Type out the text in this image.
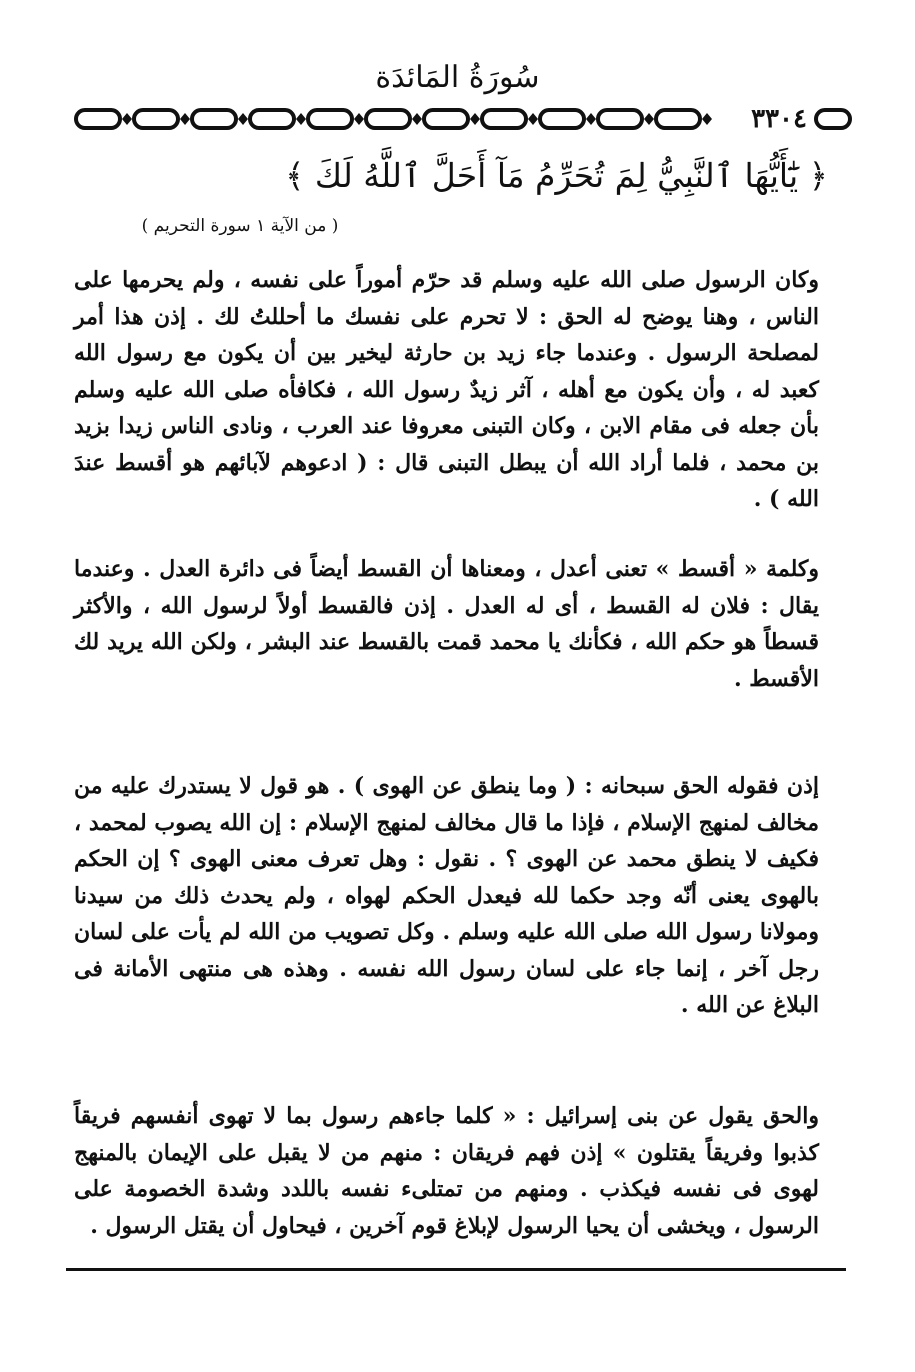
سُورَةُ المَائدَة
٣٣٠٤
﴿ يَٰٓأَيُّهَا ٱلنَّبِيُّ لِمَ تُحَرِّمُ مَآ أَحَلَّ ٱللَّهُ لَكَ ﴾
( من الآية ١ سورة التحريم )
وكان الرسول صلى الله عليه وسلم قد حرّم أموراً على نفسه ، ولم يحرمها على الناس ، وهنا يوضح له الحق : لا تحرم على نفسك ما أحللتُ لك . إذن هذا أمر لمصلحة الرسول . وعندما جاء زيد بن حارثة ليخير بين أن يكون مع رسول الله كعبد له ، وأن يكون مع أهله ، آثر زيدٌ رسول الله ، فكافأه صلى الله عليه وسلم بأن جعله فى مقام الابن ، وكان التبنى معروفا عند العرب ، ونادى الناس زيدا بزيد بن محمد ، فلما أراد الله أن يبطل التبنى قال : ( ادعوهم لآبائهم هو أقسط عندَ الله ) .
وكلمة « أقسط » تعنى أعدل ، ومعناها أن القسط أيضاً فى دائرة العدل . وعندما يقال : فلان له القسط ، أى له العدل . إذن فالقسط أولاً لرسول الله ، والأكثر قسطاً هو حكم الله ، فكأنك يا محمد قمت بالقسط عند البشر ، ولكن الله يريد لك الأقسط .
إذن فقوله الحق سبحانه : ( وما ينطق عن الهوى ) . هو قول لا يستدرك عليه من مخالف لمنهج الإسلام ، فإذا ما قال مخالف لمنهج الإسلام : إن الله يصوب لمحمد ، فكيف لا ينطق محمد عن الهوى ؟ . نقول : وهل تعرف معنى الهوى ؟ إن الحكم بالهوى يعنى أنّه وجد حكما لله فيعدل الحكم لهواه ، ولم يحدث ذلك من سيدنا ومولانا رسول الله صلى الله عليه وسلم . وكل تصويب من الله لم يأت على لسان رجل آخر ، إنما جاء على لسان رسول الله نفسه . وهذه هى منتهى الأمانة فى البلاغ عن الله .
والحق يقول عن بنى إسرائيل : « كلما جاءهم رسول بما لا تهوى أنفسهم فريقاً كذبوا وفريقاً يقتلون » إذن فهم فريقان : منهم من لا يقبل على الإيمان بالمنهج لهوى فى نفسه فيكذب . ومنهم من تمتلىء نفسه باللدد وشدة الخصومة على الرسول ، ويخشى أن يحيا الرسول لإبلاغ قوم آخرين ، فيحاول أن يقتل الرسول .
